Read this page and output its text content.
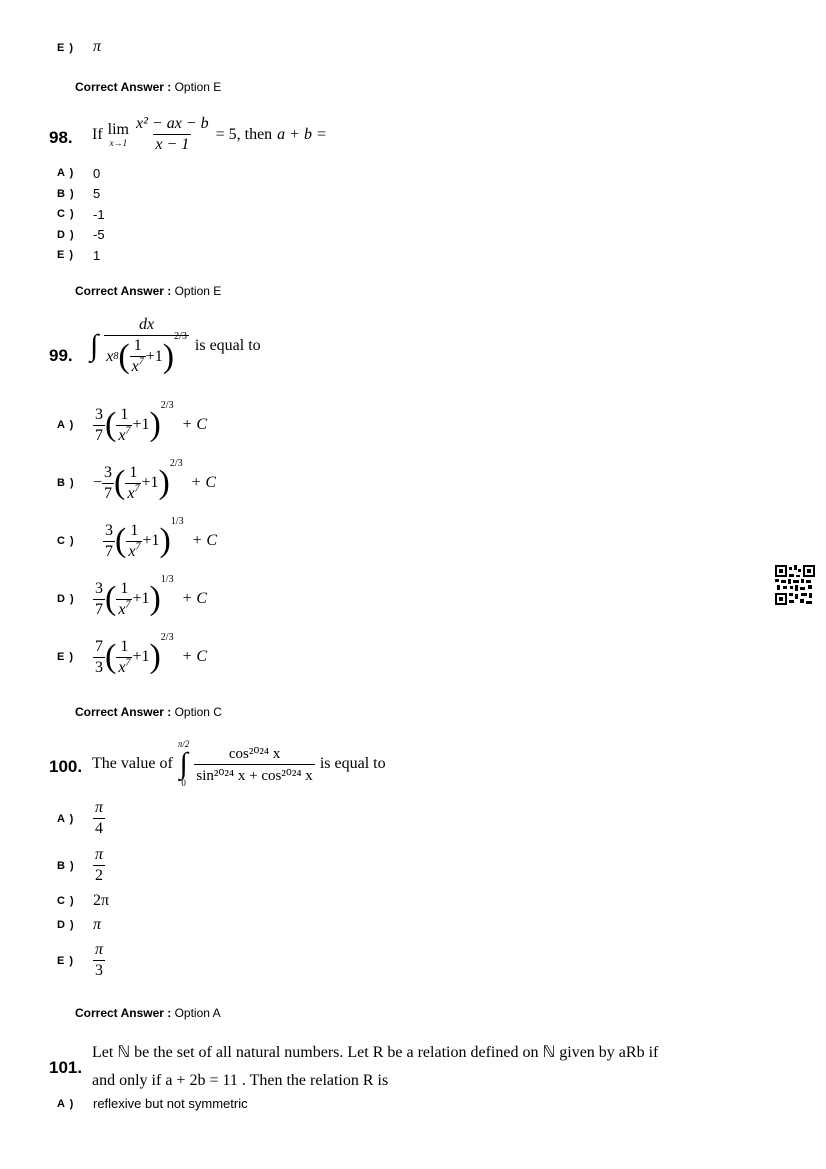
E ) π
Correct Answer : Option E
98. If lim
$x\to 1 \frac{\text{x² − ax − b}}{x - 1} = 5$, then a + b =
A )	0
B )	5
C )	-1
D )	-5
E )	1
Correct Answer : Option E
99. ∫ dx
x 8 ( $\frac{1}{x^7} +1$ )
2/3 is equal to
A )	$\frac{3}{7}$ ( $\frac{1}{x^7} +1$ )
2/3
+ C
B )	− $\frac{3}{7}$ ( $\frac{1}{x^7} +1$ )
2/3
+ C
C )	$\frac{3}{7}$ ( $\frac{1}{x^7} +1$ )
1/3
+ C
D )	$\frac{3}{7}$ ( $\frac{1}{x^7} +1$ )
1/3
+ C
E )	$\frac{7}{3}$ ( $\frac{1}{x^7} +1$ )
2/3
+ C
Correct Answer : Option C
100. The value of
π/2
∫
$0 \frac{\text{cos²⁰²⁴ x}}{\text{sin²⁰²⁴ x + cos²⁰²⁴ x}}$ is equal to
A )	$\frac{\pi}{4}$
B )	$\frac{\pi}{2}$
C )	2π
D )	π
E )	$\frac{\pi}{3}$
Correct Answer : Option A
101.
Let ℕ be the set of all natural numbers. Let R be a relation defined on ℕ given by aRb if
and only if a + 2b = 11 . Then the relation R is
A )	reflexive but not symmetric
